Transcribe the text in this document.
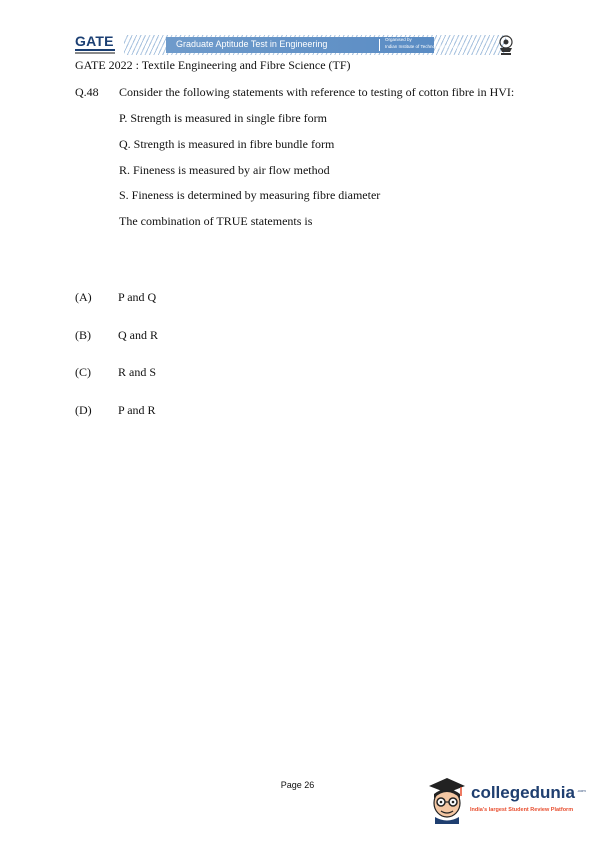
GATE	Graduate Aptitude Test in Engineering	Organised by
Indian Institute of Technology Kharagpur
GATE 2022 : Textile Engineering and Fibre Science (TF)
Q.48 Consider the following statements with reference to testing of cotton fibre in HVI:
P. Strength is measured in single fibre form
Q. Strength is measured in fibre bundle form
R. Fineness is measured by air flow method
S. Fineness is determined by measuring fibre diameter
The combination of TRUE statements is
(A) P and Q
(B) Q and R
(C) R and S
(D) P and R
Page 26	collegedunia .com
India's largest Student Review Platform
